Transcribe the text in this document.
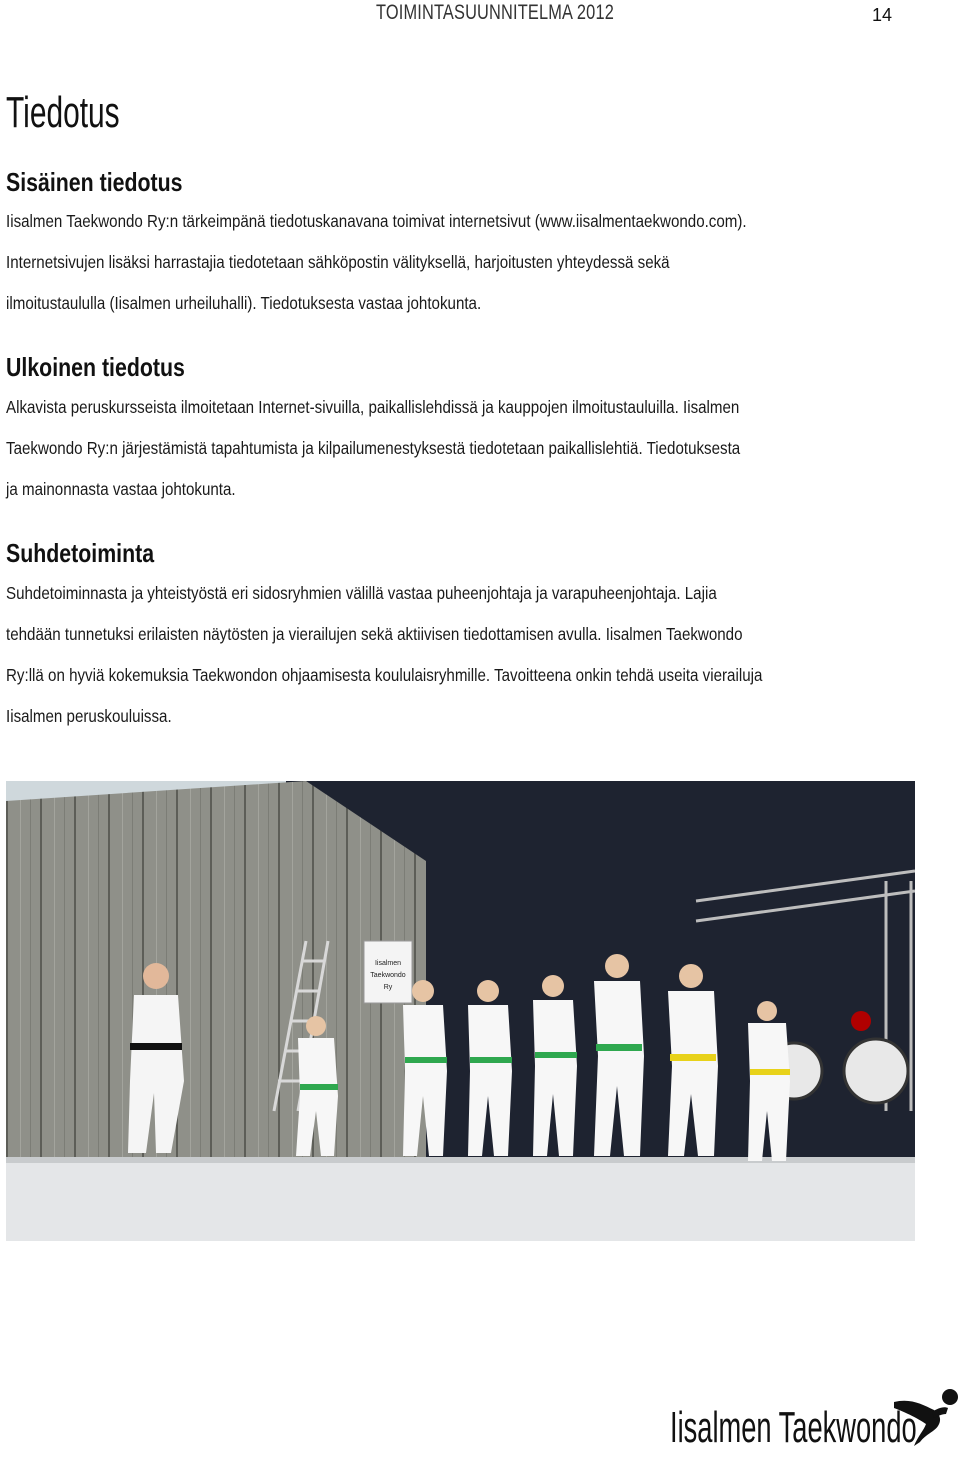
TOIMINTASUUNNITELMA 2012	14
Tiedotus
Sisäinen tiedotus
Iisalmen Taekwondo Ry:n tärkeimpänä tiedotuskanavana toimivat internetsivut (www.iisalmentaekwondo.com).
Internetsivujen lisäksi harrastajia tiedotetaan sähköpostin välityksellä, harjoitusten yhteydessä sekä
ilmoitustaululla (Iisalmen urheiluhalli). Tiedotuksesta vastaa johtokunta.
Ulkoinen tiedotus
Alkavista peruskursseista ilmoitetaan Internet-sivuilla, paikallislehdissä ja kauppojen ilmoitustauluilla. Iisalmen
Taekwondo Ry:n järjestämistä tapahtumista ja kilpailumenestyksestä tiedotetaan paikallislehtiä. Tiedotuksesta
ja mainonnasta vastaa johtokunta.
Suhdetoiminta
Suhdetoiminnasta ja yhteistyöstä eri sidosryhmien välillä vastaa puheenjohtaja ja varapuheenjohtaja. Lajia
tehdään tunnetuksi erilaisten näytösten ja vierailujen sekä aktiivisen tiedottamisen avulla. Iisalmen Taekwondo
Ry:llä on hyviä kokemuksia Taekwondon ohjaamisesta koululaisryhmille. Tavoitteena onkin tehdä useita vierailuja
Iisalmen peruskouluissa.
Iisalmen
Taekwondo
Ry
Iisalmen Taekwondo
